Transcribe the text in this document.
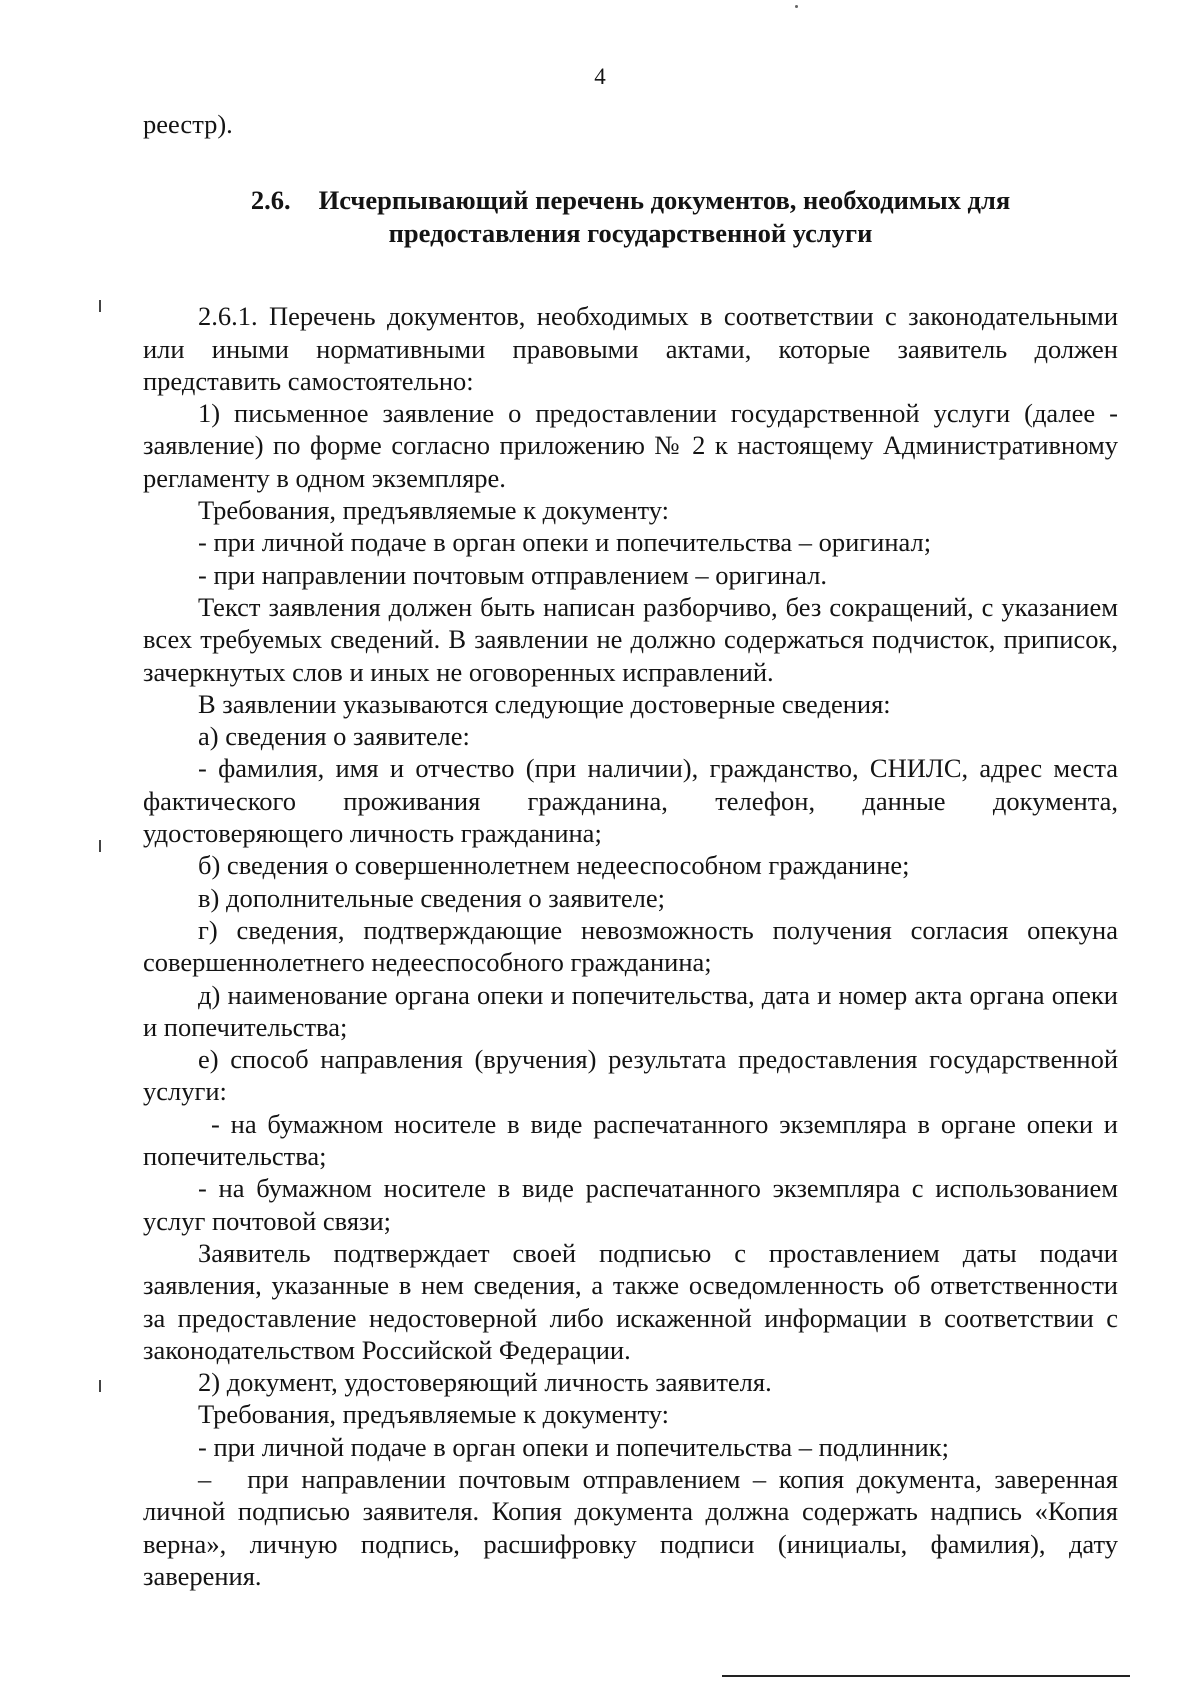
4

реестр).

2.6. Исчерпывающий перечень документов, необходимых для
предоставления государственной услуги

2.6.1. Перечень документов, необходимых в соответствии с законодательными или иными нормативными правовыми актами, которые заявитель должен представить самостоятельно:

1) письменное заявление о предоставлении государственной услуги (далее - заявление) по форме согласно приложению № 2 к настоящему Административному регламенту в одном экземпляре.

Требования, предъявляемые к документу:

- при личной подаче в орган опеки и попечительства – оригинал;

- при направлении почтовым отправлением – оригинал.

Текст заявления должен быть написан разборчиво, без сокращений, с указанием всех требуемых сведений. В заявлении не должно содержаться подчисток, приписок, зачеркнутых слов и иных не оговоренных исправлений.

В заявлении указываются следующие достоверные сведения:

а) сведения о заявителе:

- фамилия, имя и отчество (при наличии), гражданство, СНИЛС, адрес места фактического проживания гражданина, телефон, данные документа, удостоверяющего личность гражданина;

б) сведения о совершеннолетнем недееспособном гражданине;

в) дополнительные сведения о заявителе;

г) сведения, подтверждающие невозможность получения согласия опекуна совершеннолетнего недееспособного гражданина;

д) наименование органа опеки и попечительства, дата и номер акта органа опеки и попечительства;

е) способ направления (вручения) результата предоставления государственной услуги:

- на бумажном носителе в виде распечатанного экземпляра в органе опеки и попечительства;

- на бумажном носителе в виде распечатанного экземпляра с использованием услуг почтовой связи;

Заявитель подтверждает своей подписью с проставлением даты подачи заявления, указанные в нем сведения, а также осведомленность об ответственности за предоставление недостоверной либо искаженной информации в соответствии с законодательством Российской Федерации.

2) документ, удостоверяющий личность заявителя.

Требования, предъявляемые к документу:

- при личной подаче в орган опеки и попечительства – подлинник;

– при направлении почтовым отправлением – копия документа, заверенная личной подписью заявителя. Копия документа должна содержать надпись «Копия верна», личную подпись, расшифровку подписи (инициалы, фамилия), дату заверения.
